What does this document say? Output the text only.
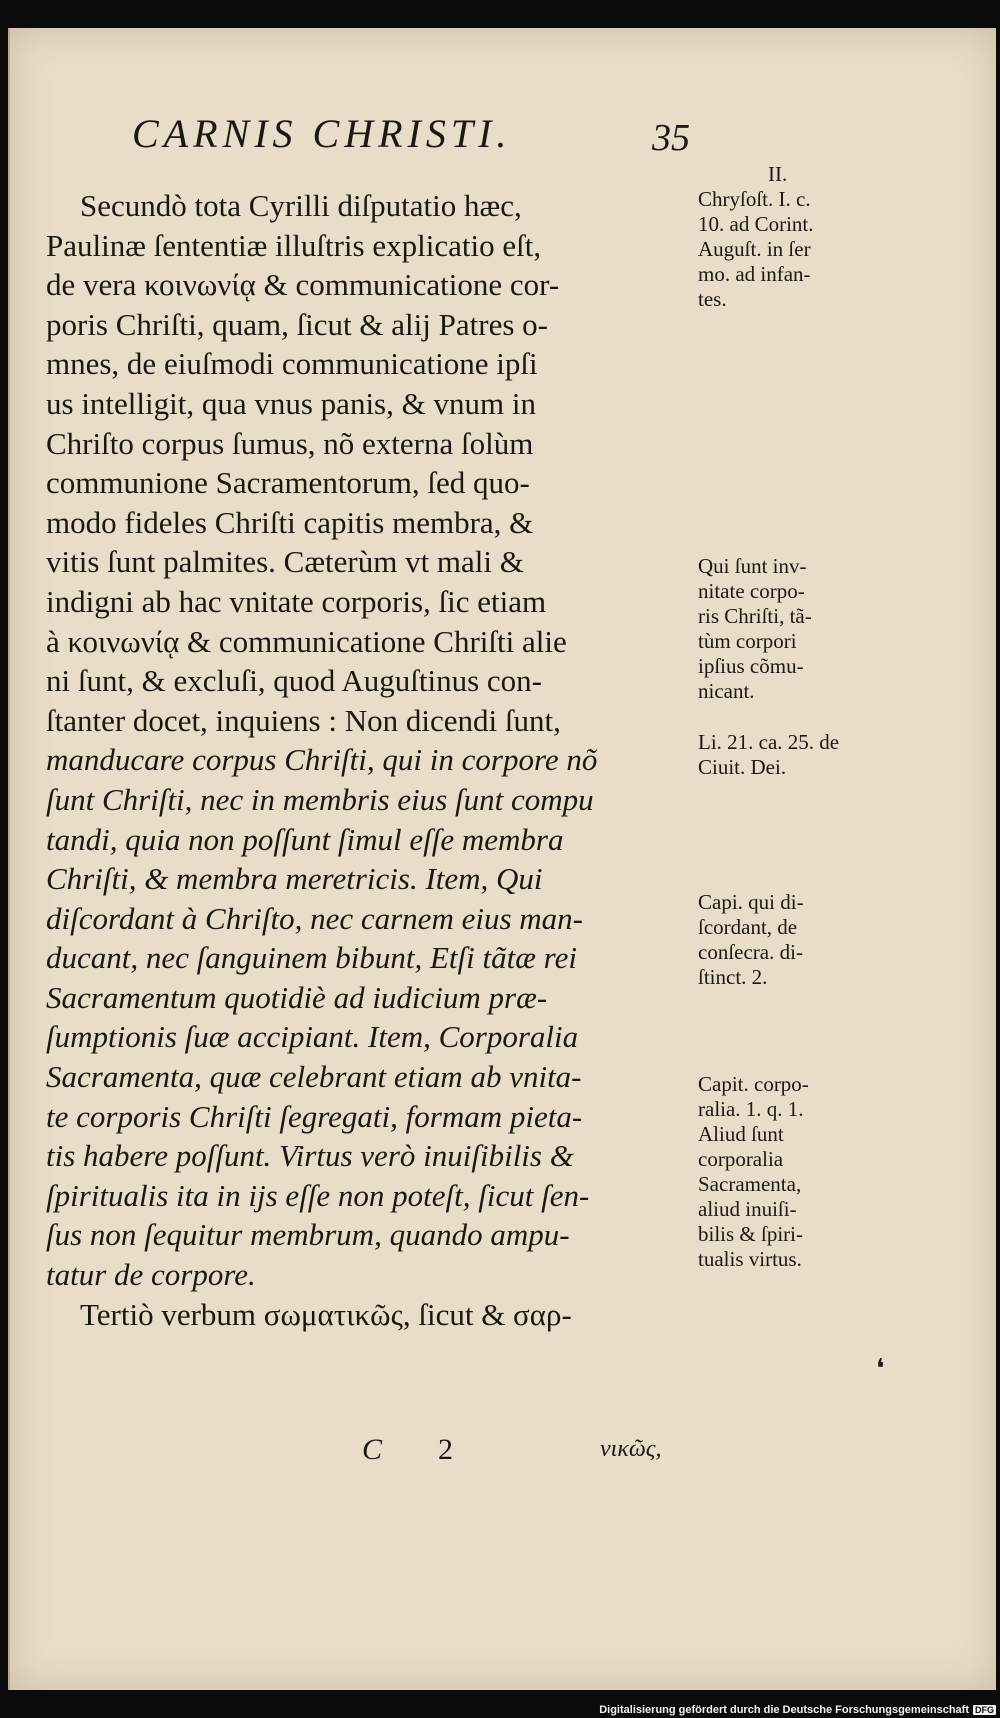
CARNIS CHRISTI.	35
Secundò tota Cyrilli diſputatio hæc,
Paulinæ ſententiæ illuſtris explicatio eſt,
de vera κοινωνίᾳ & communicatione cor-
poris Chriſti, quam, ſicut & alij Patres o-
mnes, de eiuſmodi communicatione ipſi
us intelligit, qua vnus panis, & vnum in
Chriſto corpus ſumus, nõ externa ſolùm
communione Sacramentorum, ſed quo-
modo fideles Chriſti capitis membra, &
vitis ſunt palmites. Cæterùm vt mali &
indigni ab hac vnitate corporis, ſic etiam
à κοινωνίᾳ & communicatione Chriſti alie
ni ſunt, & excluſi, quod Auguſtinus con-
ſtanter docet, inquiens : Non dicendi ſunt,
manducare corpus Chriſti, qui in corpore nõ
ſunt Chriſti, nec in membris eius ſunt compu
tandi, quia non poſſunt ſimul eſſe membra
Chriſti, & membra meretricis. Item, Qui
diſcordant à Chriſto, nec carnem eius man-
ducant, nec ſanguinem bibunt, Etſi tãtæ rei
Sacramentum quotidiè ad iudicium præ-
ſumptionis ſuæ accipiant. Item, Corporalia
Sacramenta, quæ celebrant etiam ab vnita-
te corporis Chriſti ſegregati, formam pieta-
tis habere poſſunt. Virtus verò inuiſibilis &
ſpiritualis ita in ijs eſſe non poteſt, ſicut ſen-
ſus non ſequitur membrum, quando ampu-
tatur de corpore.
Tertiò verbum σωματικῶς, ſicut & σαρ-
II.
Chryſoſt. I. c.
10. ad Corint.
Auguſt. in ſer
mo. ad infan-
tes.
Qui ſunt inv-
nitate corpo-
ris Chriſti, tã-
tùm corpori
ipſius cõmu-
nicant.
Li. 21. ca. 25. de
Ciuit. Dei.
Capi. qui di-
ſcordant, de
conſecra. di-
ſtinct. 2.
Capit. corpo-
ralia. 1. q. 1.
Aliud ſunt
corporalia
Sacramenta,
aliud inuiſi-
bilis & ſpiri-
tualis virtus.
❛
C 2	νικῶς,
Digitalisierung gefördert durch die Deutsche Forschungsgemeinschaft DFG
